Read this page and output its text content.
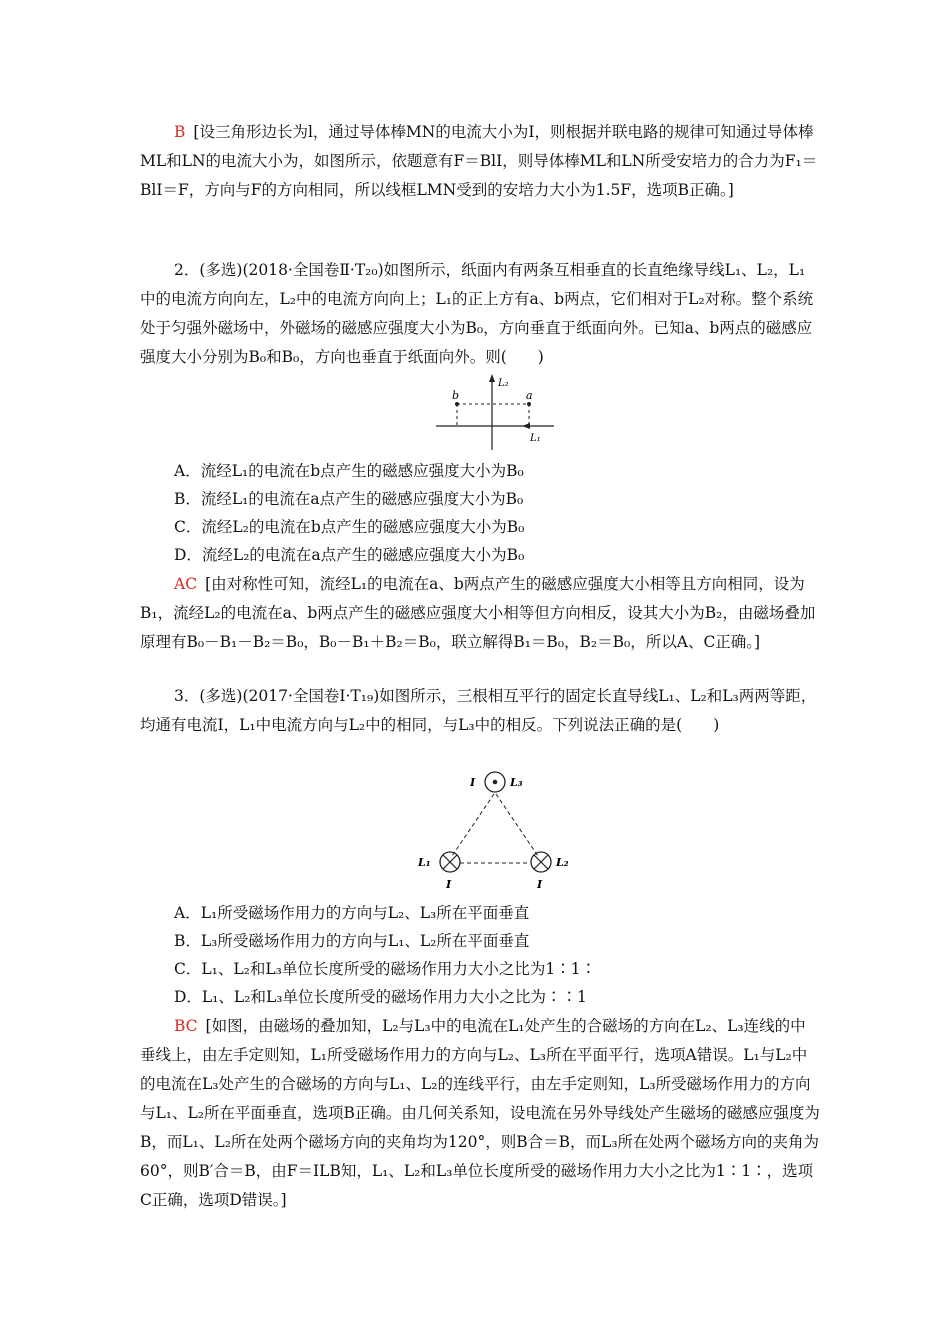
B [设三角形边长为l，通过导体棒MN的电流大小为I，则根据并联电路的规律可知通过导体棒ML和LN的电流大小为，如图所示，依题意有F＝BlI，则导体棒ML和LN所受安培力的合力为F₁＝BlI＝F，方向与F的方向相同，所以线框LMN受到的安培力大小为1.5F，选项B正确。]
2．(多选)(2018·全国卷Ⅱ·T₂₀)如图所示，纸面内有两条互相垂直的长直绝缘导线L₁、L₂，L₁中的电流方向向左，L₂中的电流方向向上；L₁的正上方有a、b两点，它们相对于L₂对称。整个系统处于匀强外磁场中，外磁场的磁感应强度大小为B₀，方向垂直于纸面向外。已知a、b两点的磁感应强度大小分别为B₀和B₀，方向也垂直于纸面向外。则(　　)
b	a
L₂
L₁
A．流经L₁的电流在b点产生的磁感应强度大小为B₀
B．流经L₁的电流在a点产生的磁感应强度大小为B₀
C．流经L₂的电流在b点产生的磁感应强度大小为B₀
D．流经L₂的电流在a点产生的磁感应强度大小为B₀
AC [由对称性可知，流经L₁的电流在a、b两点产生的磁感应强度大小相等且方向相同，设为B₁，流经L₂的电流在a、b两点产生的磁感应强度大小相等但方向相反，设其大小为B₂，由磁场叠加原理有B₀－B₁－B₂＝B₀，B₀－B₁＋B₂＝B₀，联立解得B₁＝B₀，B₂＝B₀，所以A、C正确。]
3．(多选)(2017·全国卷Ⅰ·T₁₉)如图所示，三根相互平行的固定长直导线L₁、L₂和L₃两两等距，均通有电流I，L₁中电流方向与L₂中的相同，与L₃中的相反。下列说法正确的是(　　)
I	L₃
L₁	L₂
I	I
A．L₁所受磁场作用力的方向与L₂、L₃所在平面垂直
B．L₃所受磁场作用力的方向与L₁、L₂所在平面垂直
C．L₁、L₂和L₃单位长度所受的磁场作用力大小之比为1∶1∶
D．L₁、L₂和L₃单位长度所受的磁场作用力大小之比为∶∶1
BC [如图，由磁场的叠加知，L₂与L₃中的电流在L₁处产生的合磁场的方向在L₂、L₃连线的中垂线上，由左手定则知，L₁所受磁场作用力的方向与L₂、L₃所在平面平行，选项A错误。L₁与L₂中的电流在L₃处产生的合磁场的方向与L₁、L₂的连线平行，由左手定则知，L₃所受磁场作用力的方向与L₁、L₂所在平面垂直，选项B正确。由几何关系知，设电流在另外导线处产生磁场的磁感应强度为B，而L₁、L₂所在处两个磁场方向的夹角均为120°，则B合＝B，而L₃所在处两个磁场方向的夹角为60°，则B′合＝B，由F＝ILB知，L₁、L₂和L₃单位长度所受的磁场作用力大小之比为1∶1∶，选项C正确，选项D错误。]
